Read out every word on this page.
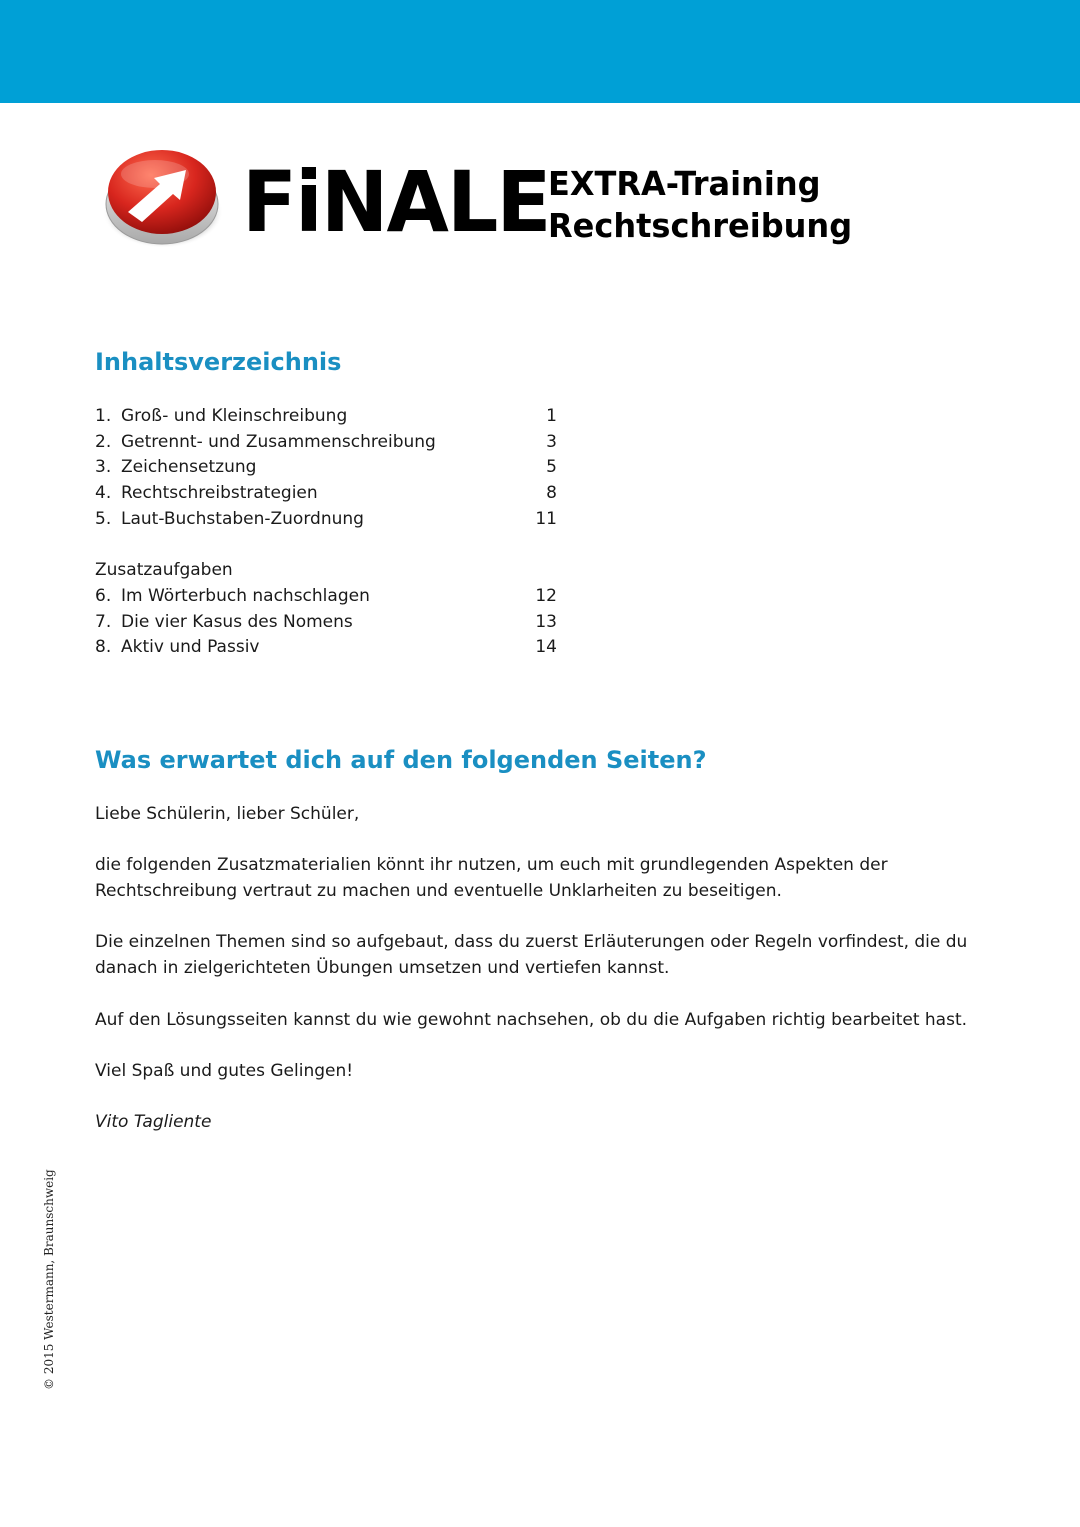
FiNALE
EXTRA-Training
Rechtschreibung
Inhaltsverzeichnis
1. Groß- und Kleinschreibung	1
2. Getrennt- und Zusammenschreibung	3
3. Zeichensetzung	5
4. Rechtschreibstrategien	8
5. Laut-Buchstaben-Zuordnung	11
Zusatzaufgaben
6. Im Wörterbuch nachschlagen	12
7. Die vier Kasus des Nomens	13
8. Aktiv und Passiv	14
Was erwartet dich auf den folgenden Seiten?

Liebe Schülerin, lieber Schüler,

die folgenden Zusatzmaterialien könnt ihr nutzen, um euch mit grundlegenden Aspekten der Rechtschreibung vertraut zu machen und eventuelle Unklarheiten zu beseitigen.

Die einzelnen Themen sind so aufgebaut, dass du zuerst Erläuterungen oder Regeln vorfindest, die du danach in zielgerichteten Übungen umsetzen und vertiefen kannst.

Auf den Lösungsseiten kannst du wie gewohnt nachsehen, ob du die Aufgaben richtig bearbeitet hast.

Viel Spaß und gutes Gelingen!

Vito Tagliente

© 2015 Westermann, Braunschweig
